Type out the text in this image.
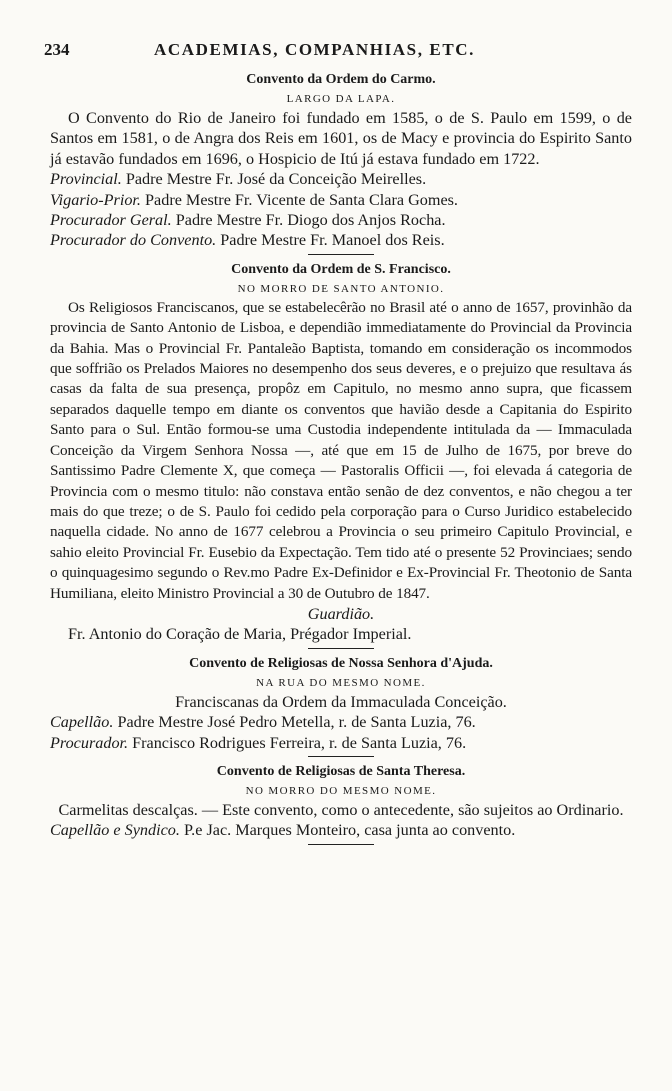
234	ACADEMIAS, COMPANHIAS, ETC.
Convento da Ordem do Carmo.
LARGO DA LAPA.

O Convento do Rio de Janeiro foi fundado em 1585, o de S. Paulo em 1599, o de Santos em 1581, o de Angra dos Reis em 1601, os de Macy e provincia do Espirito Santo já estavão fundados em 1696, o Hospicio de Itú já estava fundado em 1722.

Provincial. Padre Mestre Fr. José da Conceição Meirelles.
Vigario-Prior. Padre Mestre Fr. Vicente de Santa Clara Gomes.
Procurador Geral. Padre Mestre Fr. Diogo dos Anjos Rocha.
Procurador do Convento. Padre Mestre Fr. Manoel dos Reis.
Convento da Ordem de S. Francisco.
NO MORRO DE SANTO ANTONIO.

Os Religiosos Franciscanos, que se estabelecêrão no Brasil até o anno de 1657, provinhão da provincia de Santo Antonio de Lisboa, e dependião immediatamente do Provincial da Provincia da Bahia. Mas o Provincial Fr. Pantaleão Baptista, tomando em consideração os incommodos que soffrião os Prelados Maiores no desempenho dos seus deveres, e o prejuizo que resultava ás casas da falta de sua presença, propôz em Capitulo, no mesmo anno supra, que ficassem separados daquelle tempo em diante os conventos que havião desde a Capitania do Espirito Santo para o Sul. Então formou-se uma Custodia independente intitulada da — Immaculada Conceição da Virgem Senhora Nossa —, até que em 15 de Julho de 1675, por breve do Santissimo Padre Clemente X, que começa — Pastoralis Officii —, foi elevada á categoria de Provincia com o mesmo titulo: não constava então senão de dez conventos, e não chegou a ter mais do que treze; o de S. Paulo foi cedido pela corporação para o Curso Juridico estabelecido naquella cidade. No anno de 1677 celebrou a Provincia o seu primeiro Capitulo Provincial, e sahio eleito Provincial Fr. Eusebio da Expectação. Tem tido até o presente 52 Provinciaes; sendo o quinquagesimo segundo o Rev.mo Padre Ex-Definidor e Ex-Provincial Fr. Theotonio de Santa Humiliana, eleito Ministro Provincial a 30 de Outubro de 1847.

Guardião.
Fr. Antonio do Coração de Maria, Prégador Imperial.
Convento de Religiosas de Nossa Senhora d'Ajuda.
NA RUA DO MESMO NOME.
Franciscanas da Ordem da Immaculada Conceição.
Capellão. Padre Mestre José Pedro Metella, r. de Santa Luzia, 76.
Procurador. Francisco Rodrigues Ferreira, r. de Santa Luzia, 76.
Convento de Religiosas de Santa Theresa.
NO MORRO DO MESMO NOME.

Carmelitas descalças. — Este convento, como o antecedente, são sujeitos ao Ordinario.

Capellão e Syndico. P.e Jac. Marques Monteiro, casa junta ao convento.
